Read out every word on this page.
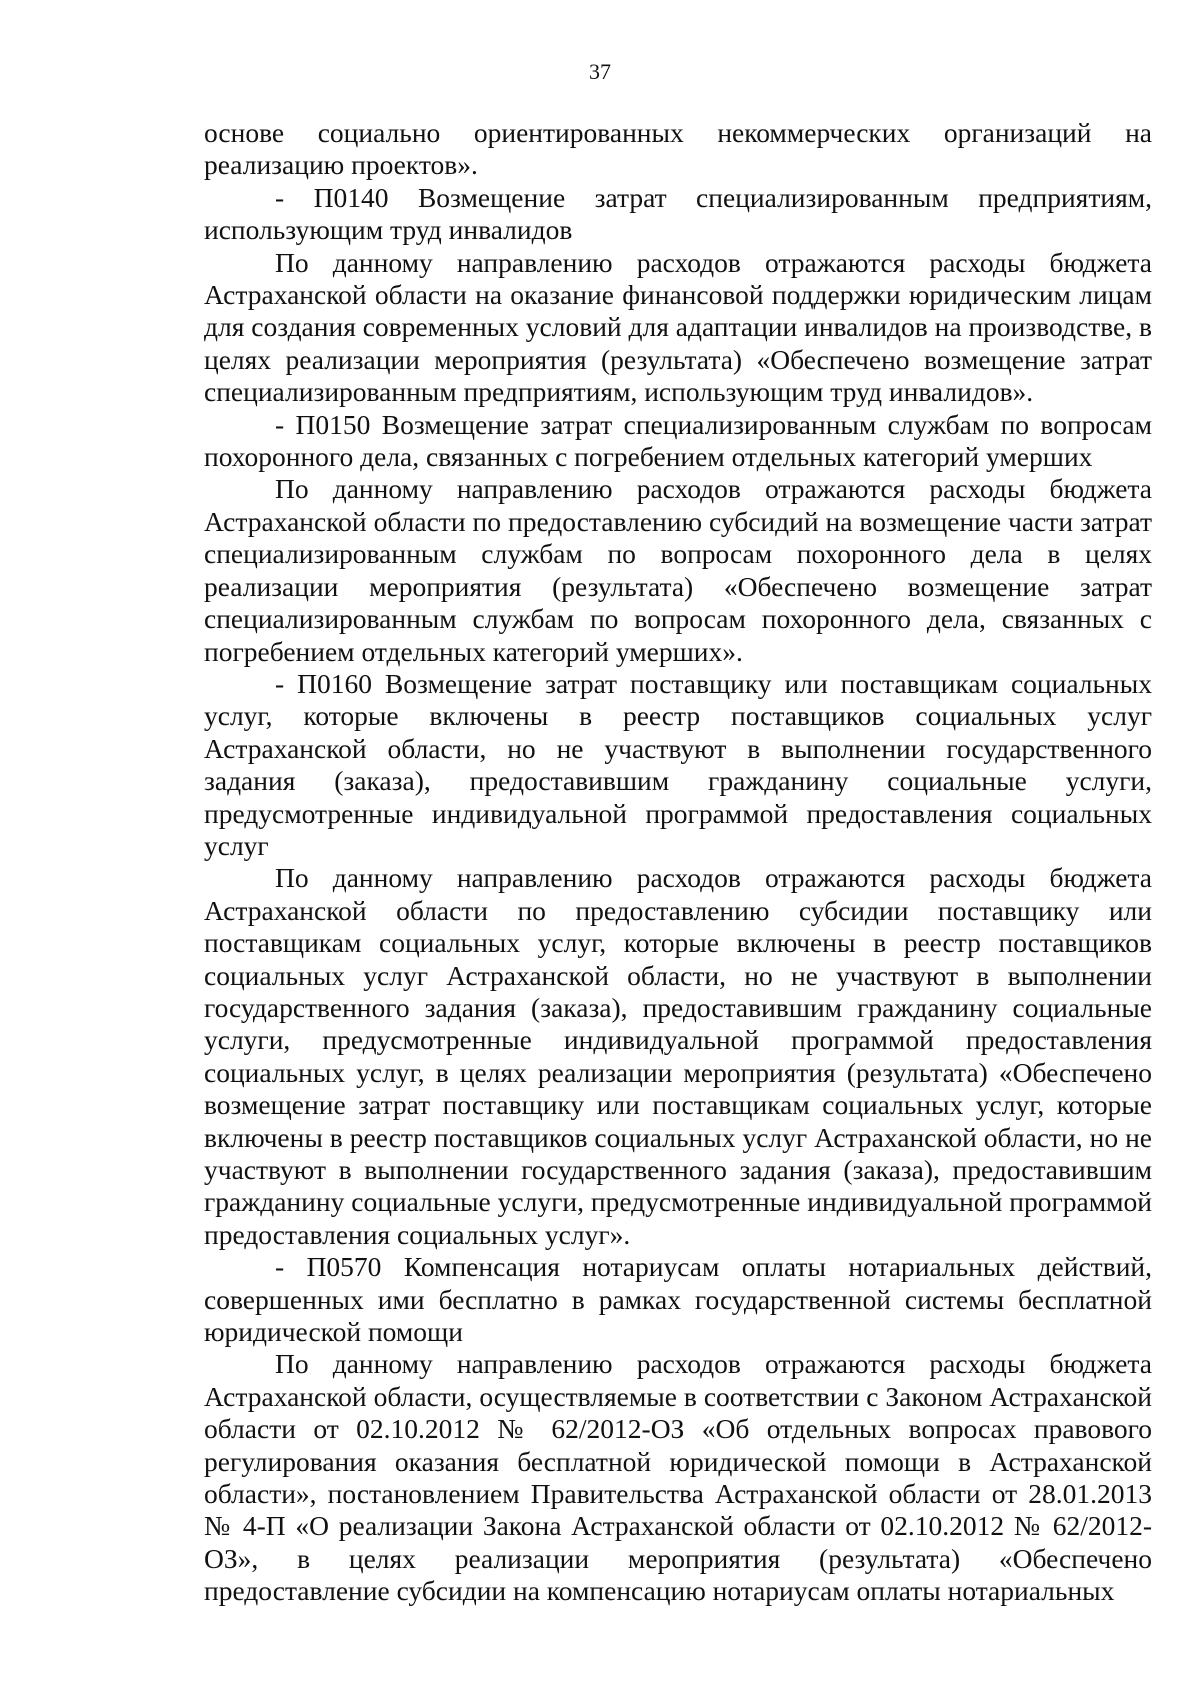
37

основе социально ориентированных некоммерческих организаций на реализацию проектов».

- П0140 Возмещение затрат специализированным предприятиям, использующим труд инвалидов

По данному направлению расходов отражаются расходы бюджета Астраханской области на оказание финансовой поддержки юридическим лицам для создания современных условий для адаптации инвалидов на производстве, в целях реализации мероприятия (результата) «Обеспечено возмещение затрат специализированным предприятиям, использующим труд инвалидов».

- П0150 Возмещение затрат специализированным службам по вопросам похоронного дела, связанных с погребением отдельных категорий умерших

По данному направлению расходов отражаются расходы бюджета Астраханской области по предоставлению субсидий на возмещение части затрат специализированным службам по вопросам похоронного дела в целях реализации мероприятия (результата) «Обеспечено возмещение затрат специализированным службам по вопросам похоронного дела, связанных с погребением отдельных категорий умерших».

- П0160 Возмещение затрат поставщику или поставщикам социальных услуг, которые включены в реестр поставщиков социальных услуг Астраханской области, но не участвуют в выполнении государственного задания (заказа), предоставившим гражданину социальные услуги, предусмотренные индивидуальной программой предоставления социальных услуг

По данному направлению расходов отражаются расходы бюджета Астраханской области по предоставлению субсидии поставщику или поставщикам социальных услуг, которые включены в реестр поставщиков социальных услуг Астраханской области, но не участвуют в выполнении государственного задания (заказа), предоставившим гражданину социальные услуги, предусмотренные индивидуальной программой предоставления социальных услуг, в целях реализации мероприятия (результата) «Обеспечено возмещение затрат поставщику или поставщикам социальных услуг, которые включены в реестр поставщиков социальных услуг Астраханской области, но не участвуют в выполнении государственного задания (заказа), предоставившим гражданину социальные услуги, предусмотренные индивидуальной программой предоставления социальных услуг».

- П0570 Компенсация нотариусам оплаты нотариальных действий, совершенных ими бесплатно в рамках государственной системы бесплатной юридической помощи

По данному направлению расходов отражаются расходы бюджета Астраханской области, осуществляемые в соответствии с Законом Астраханской области от 02.10.2012 № 62/2012-ОЗ «Об отдельных вопросах правового регулирования оказания бесплатной юридической помощи в Астраханской области», постановлением Правительства Астраханской области от 28.01.2013 № 4-П «О реализации Закона Астраханской области от 02.10.2012 № 62/2012-ОЗ», в целях реализации мероприятия (результата) «Обеспечено предоставление субсидии на компенсацию нотариусам оплаты нотариальных
